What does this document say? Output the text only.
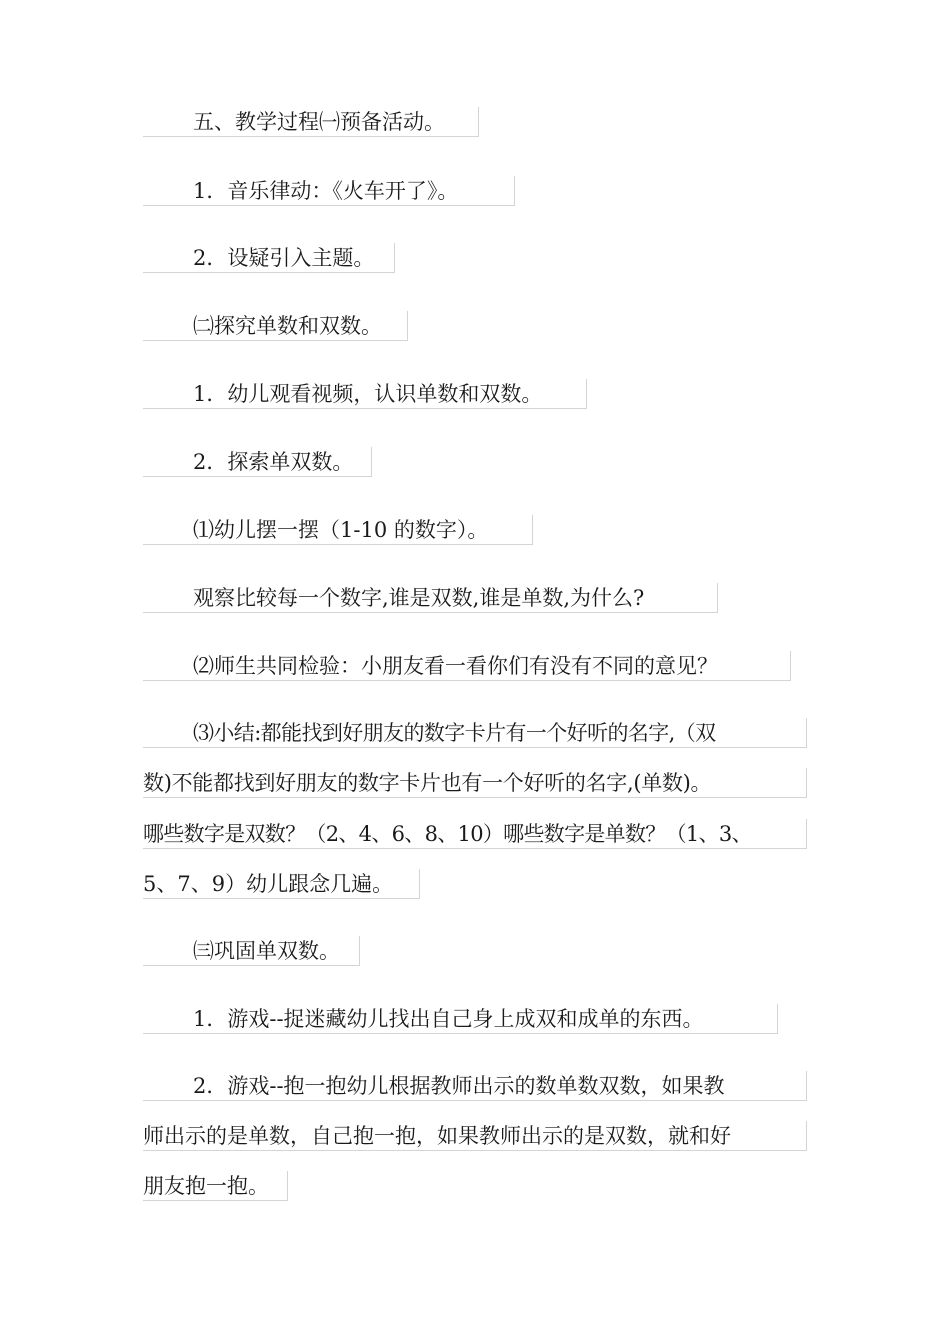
五、教学过程㈠预备活动。
1．音乐律动：《火车开了》。
2．设疑引入主题。
㈡探究单数和双数。
1．幼儿观看视频，认识单数和双数。
2．探索单双数。
⑴幼儿摆一摆（1-10 的数字）。
观察比较每一个数字,谁是双数,谁是单数,为什么?
⑵师生共同检验：小朋友看一看你们有没有不同的意见？
⑶小结:都能找到好朋友的数字卡片有一个好听的名字,（双
数)不能都找到好朋友的数字卡片也有一个好听的名字,(单数)。
哪些数字是双数？（2、4、6、8、10）哪些数字是单数？（1、3、
5、7、9）幼儿跟念几遍。
㈢巩固单双数。
1．游戏--捉迷藏幼儿找出自己身上成双和成单的东西。
2．游戏--抱一抱幼儿根据教师出示的数单数双数，如果教
师出示的是单数，自己抱一抱，如果教师出示的是双数，就和好
朋友抱一抱。
